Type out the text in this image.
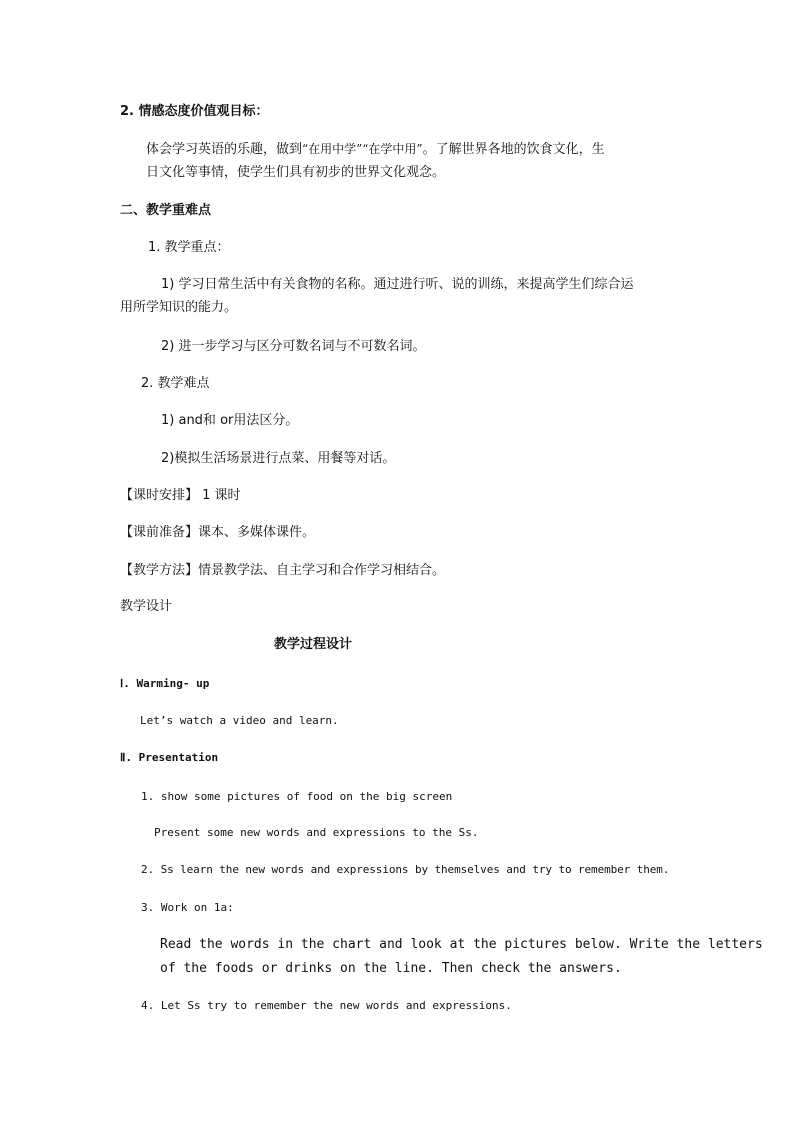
2. 情感态度价值观目标：
体会学习英语的乐趣，做到“在用中学”“在学中用”。了解世界各地的饮食文化，生
日文化等事情，使学生们具有初步的世界文化观念。
二、教学重难点
1. 教学重点：
1) 学习日常生活中有关食物的名称。通过进行听、说的训练，来提高学生们综合运
用所学知识的能力。
2) 进一步学习与区分可数名词与不可数名词。
2. 教学难点
1) and和 or用法区分。
2)模拟生活场景进行点菜、用餐等对话。
【课时安排】 1 课时
【课前准备】课本、多媒体课件。
【教学方法】情景教学法、自主学习和合作学习相结合。
教学设计
教学过程设计
Ⅰ. Warming- up
Let’s watch a video and learn.
Ⅱ. Presentation
1. show some pictures of food on the big screen
Present some new words and expressions to the Ss.
2. Ss learn the new words and expressions by themselves and try to remember them.
3. Work on 1a:
Read the words in the chart and look at the pictures below. Write the letters
of the foods or drinks on the line. Then check the answers.
4. Let Ss try to remember the new words and expressions.
